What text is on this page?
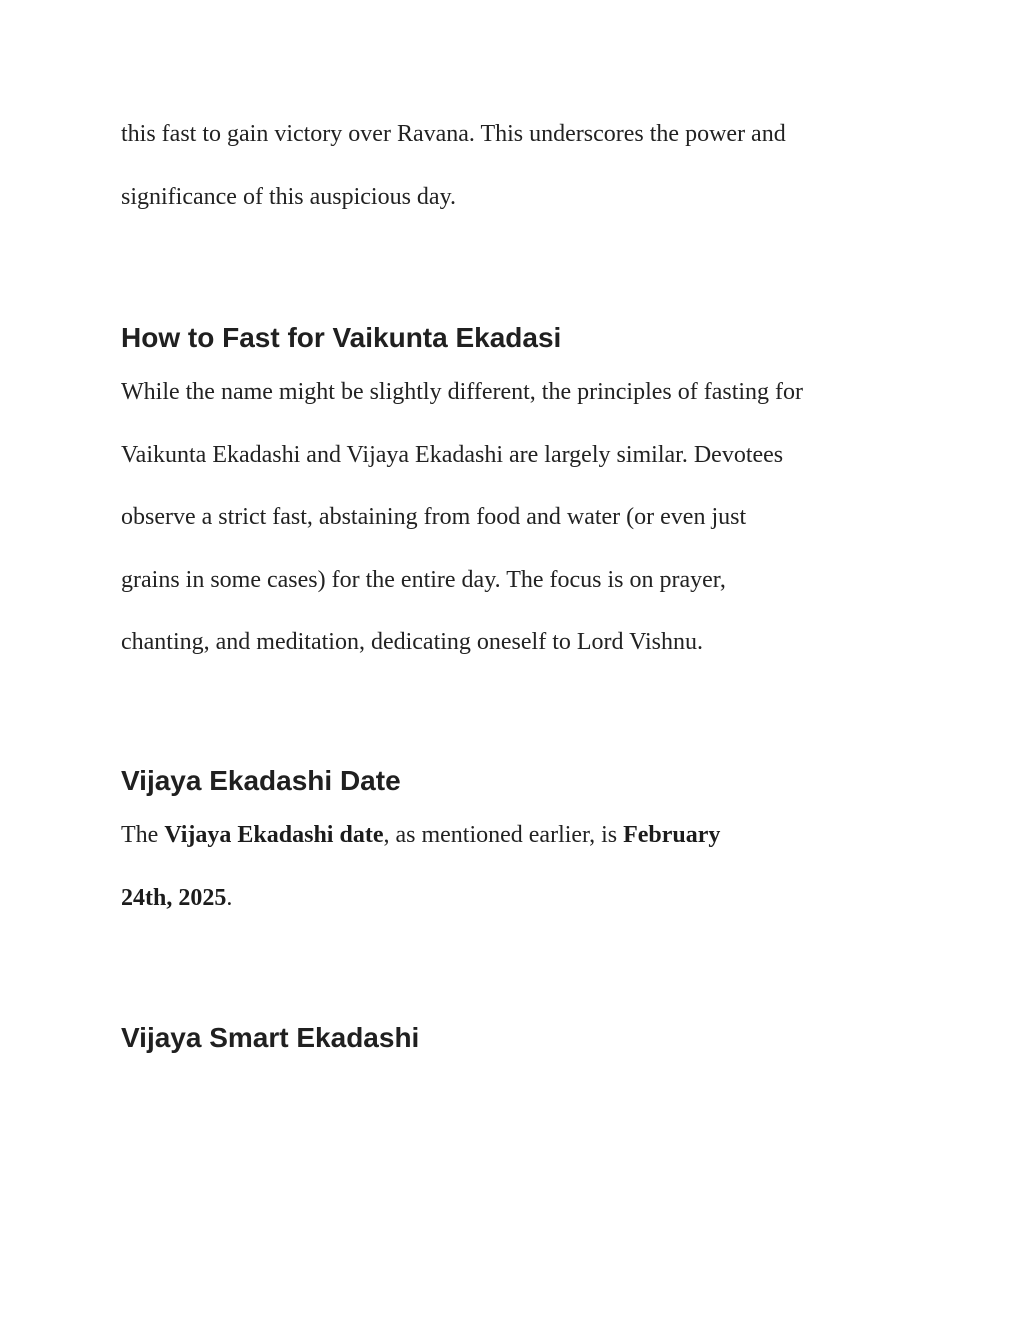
this fast to gain victory over Ravana. This underscores the power and
significance of this auspicious day.

How to Fast for Vaikunta Ekadasi

While the name might be slightly different, the principles of fasting for
Vaikunta Ekadashi and Vijaya Ekadashi are largely similar. Devotees
observe a strict fast, abstaining from food and water (or even just
grains in some cases) for the entire day. The focus is on prayer,
chanting, and meditation, dedicating oneself to Lord Vishnu.

Vijaya Ekadashi Date

The Vijaya Ekadashi date, as mentioned earlier, is February
24th, 2025.

Vijaya Smart Ekadashi
